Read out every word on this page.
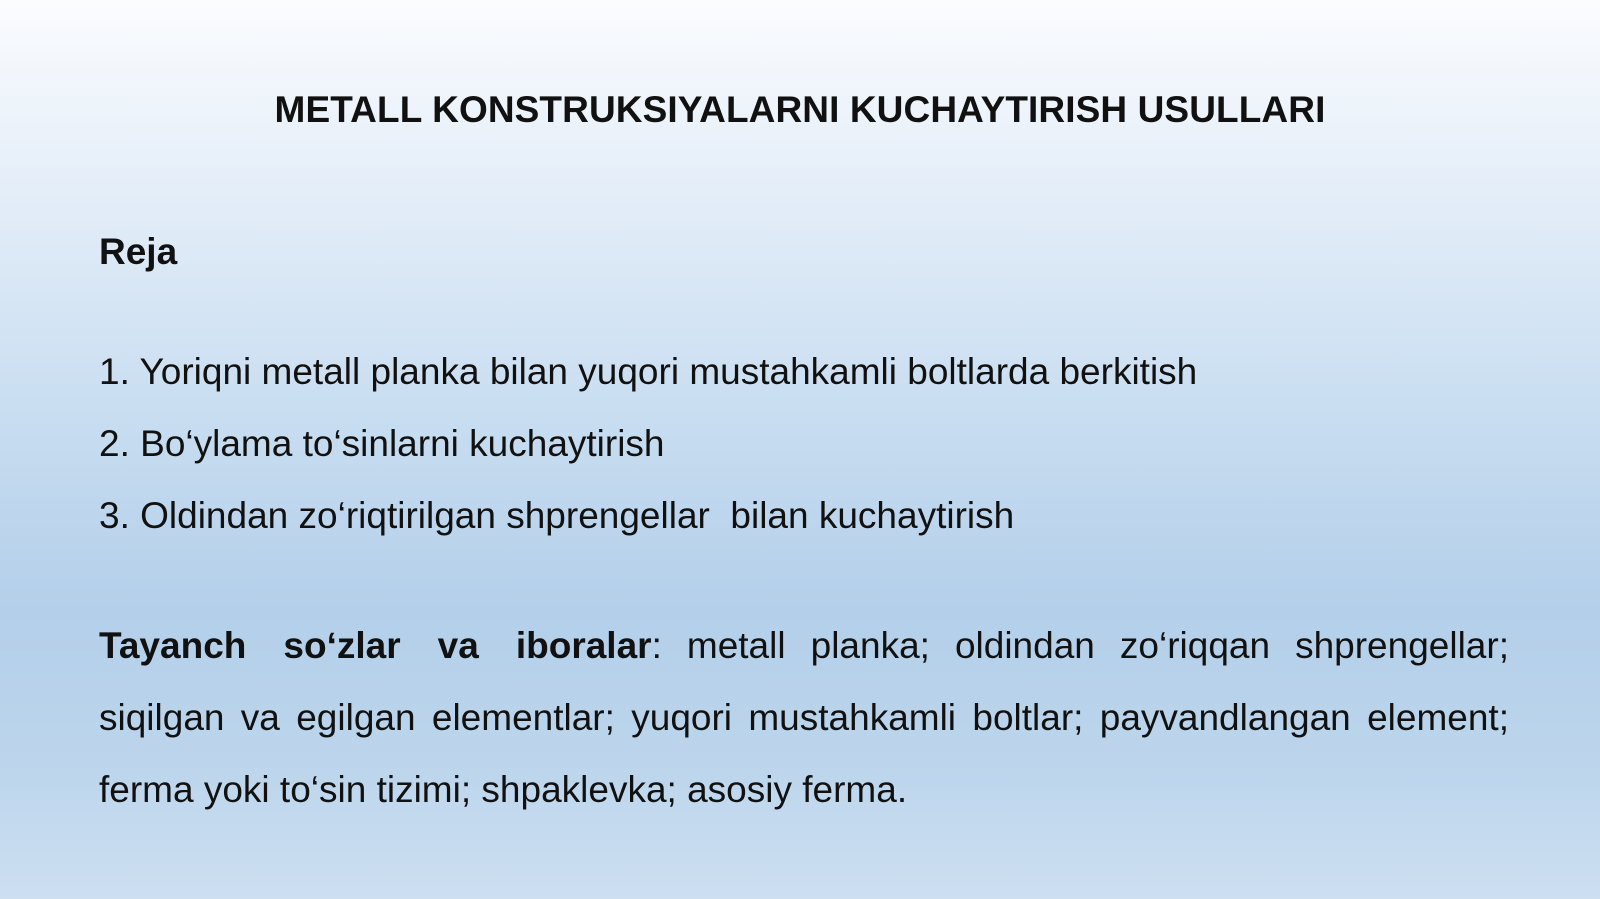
METALL KONSTRUKSIYALARNI KUCHAYTIRISH USULLARI
Reja
1. Yoriqni metall planka bilan yuqori mustahkamli boltlarda berkitish
2. Bo‘ylama to‘sinlarni kuchaytirish
3. Oldindan zo‘riqtirilgan shprengellar  bilan kuchaytirish

Tayanch so‘zlar va iboralar: metall planka; oldindan zo‘riqqan shprengellar; siqilgan va egilgan elementlar; yuqori mustahkamli boltlar; payvandlangan element; ferma yoki to‘sin tizimi; shpaklevka; asosiy ferma.
